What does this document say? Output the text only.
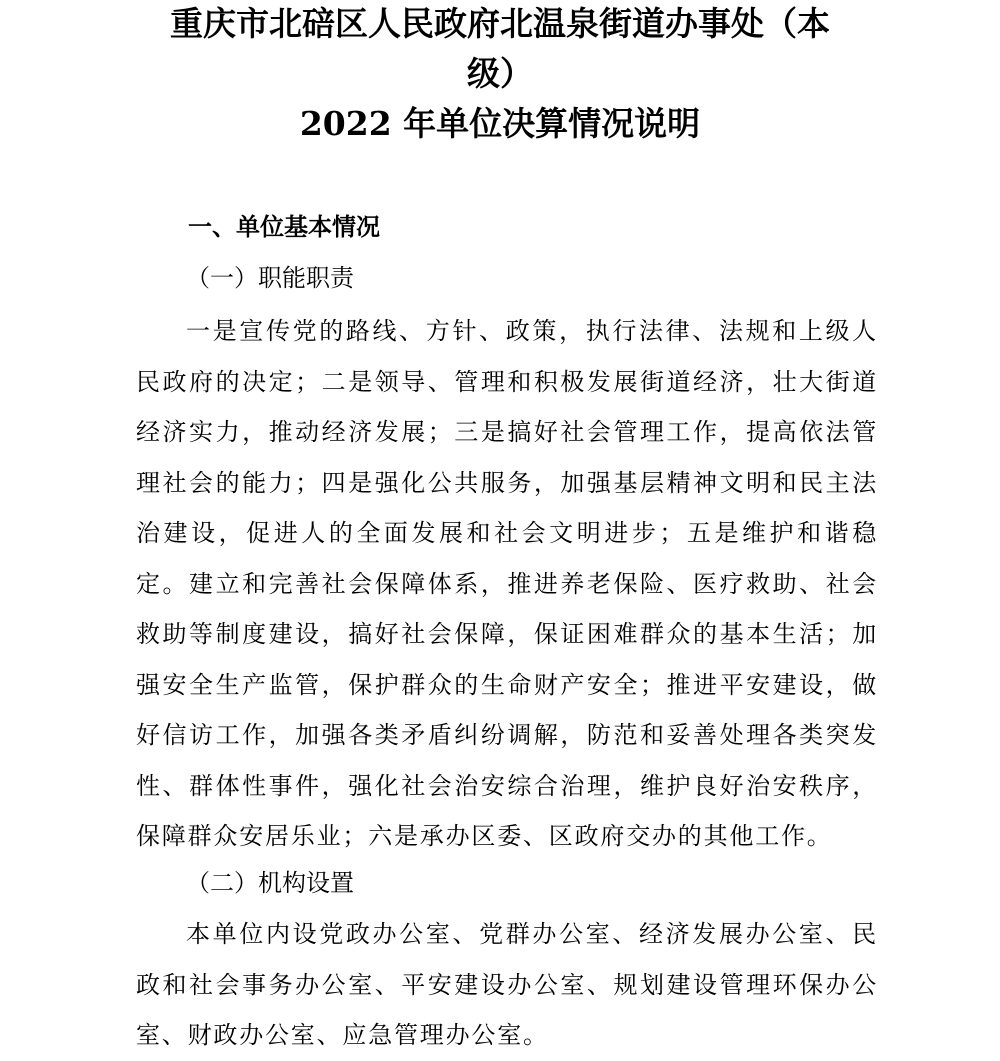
重庆市北碚区人民政府北温泉街道办事处（本
级）
2022 年单位决算情况说明
一、单位基本情况
（一）职能职责

一是宣传党的路线、方针、政策，执行法律、法规和上级人民政府的决定；二是领导、管理和积极发展街道经济，壮大街道经济实力，推动经济发展；三是搞好社会管理工作，提高依法管理社会的能力；四是强化公共服务，加强基层精神文明和民主法治建设，促进人的全面发展和社会文明进步；五是维护和谐稳定。建立和完善社会保障体系，推进养老保险、医疗救助、社会救助等制度建设，搞好社会保障，保证困难群众的基本生活；加强安全生产监管，保护群众的生命财产安全；推进平安建设，做好信访工作，加强各类矛盾纠纷调解，防范和妥善处理各类突发性、群体性事件，强化社会治安综合治理，维护良好治安秩序，保障群众安居乐业；六是承办区委、区政府交办的其他工作。

（二）机构设置

本单位内设党政办公室、党群办公室、经济发展办公室、民政和社会事务办公室、平安建设办公室、规划建设管理环保办公室、财政办公室、应急管理办公室。
